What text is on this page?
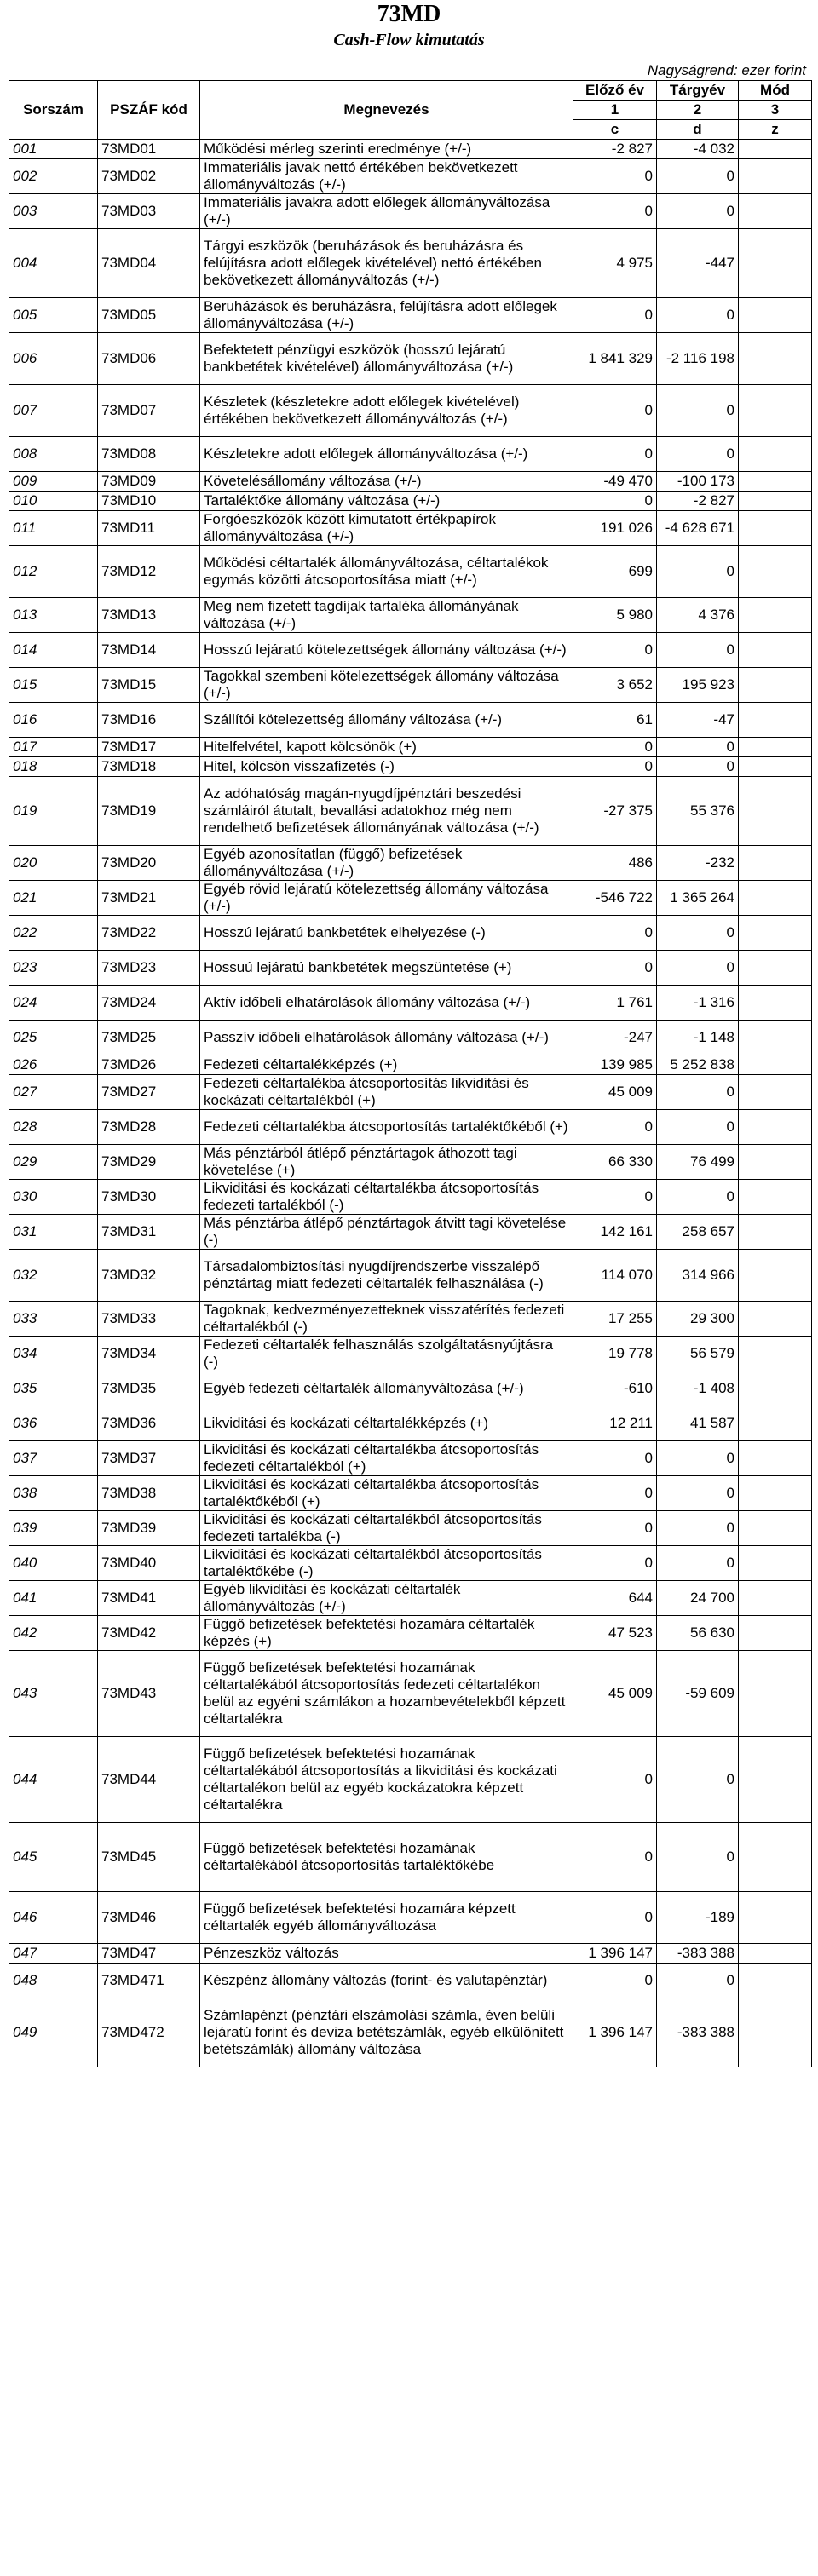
73MD
Cash-Flow kimutatás
Nagyságrend: ezer forint
Sorszám	PSZÁF kód	Megnevezés	Előző év	Tárgyév	Mód
			1	2	3
			c	d	z
001	73MD01	Működési mérleg szerinti eredménye (+/-)	-2 827	-4 032	
002	73MD02	Immateriális javak nettó értékében bekövetkezett állományváltozás (+/-)	0	0	
003	73MD03	Immateriális javakra adott előlegek állományváltozása (+/-)	0	0	
004	73MD04	Tárgyi eszközök (beruházások és beruházásra és felújításra adott előlegek kivételével) nettó értékében bekövetkezett állományváltozás (+/-)	4 975	-447	
005	73MD05	Beruházások és beruházásra, felújításra adott előlegek állományváltozása (+/-)	0	0	
006	73MD06	Befektetett pénzügyi eszközök (hosszú lejáratú bankbetétek kivételével) állományváltozása (+/-)	1 841 329	-2 116 198	
007	73MD07	Készletek (készletekre adott előlegek kivételével) értékében bekövetkezett állományváltozás (+/-)	0	0	
008	73MD08	Készletekre adott előlegek állományváltozása (+/-)	0	0	
009	73MD09	Követelésállomány változása (+/-)	-49 470	-100 173	
010	73MD10	Tartaléktőke állomány változása (+/-)	0	-2 827	
011	73MD11	Forgóeszközök között kimutatott értékpapírok állományváltozása (+/-)	191 026	-4 628 671	
012	73MD12	Működési céltartalék állományváltozása, céltartalékok egymás közötti átcsoportosítása miatt (+/-)	699	0	
013	73MD13	Meg nem fizetett tagdíjak tartaléka állományának változása (+/-)	5 980	4 376	
014	73MD14	Hosszú lejáratú kötelezettségek állomány változása (+/-)	0	0	
015	73MD15	Tagokkal szembeni kötelezettségek állomány változása (+/-)	3 652	195 923	
016	73MD16	Szállítói kötelezettség állomány változása (+/-)	61	-47	
017	73MD17	Hitelfelvétel, kapott kölcsönök (+)	0	0	
018	73MD18	Hitel, kölcsön visszafizetés (-)	0	0	
019	73MD19	Az adóhatóság magán-nyugdíjpénztári beszedési számláiról átutalt, bevallási adatokhoz még nem rendelhető befizetések állományának változása (+/-)	-27 375	55 376	
020	73MD20	Egyéb azonosítatlan (függő) befizetések állományváltozása (+/-)	486	-232	
021	73MD21	Egyéb rövid lejáratú kötelezettség állomány változása (+/-)	-546 722	1 365 264	
022	73MD22	Hosszú lejáratú bankbetétek elhelyezése (-)	0	0	
023	73MD23	Hossuú lejáratú bankbetétek megszüntetése (+)	0	0	
024	73MD24	Aktív időbeli elhatárolások állomány változása (+/-)	1 761	-1 316	
025	73MD25	Passzív időbeli elhatárolások állomány változása (+/-)	-247	-1 148	
026	73MD26	Fedezeti céltartalékképzés (+)	139 985	5 252 838	
027	73MD27	Fedezeti céltartalékba átcsoportosítás likviditási és kockázati céltartalékból (+)	45 009	0	
028	73MD28	Fedezeti céltartalékba átcsoportosítás tartaléktőkéből (+)	0	0	
029	73MD29	Más pénztárból átlépő pénztártagok áthozott tagi követelése (+)	66 330	76 499	
030	73MD30	Likviditási és kockázati céltartalékba átcsoportosítás fedezeti tartalékból (-)	0	0	
031	73MD31	Más pénztárba átlépő pénztártagok átvitt tagi követelése (-)	142 161	258 657	
032	73MD32	Társadalombiztosítási nyugdíjrendszerbe visszalépő pénztártag miatt fedezeti céltartalék felhasználása (-)	114 070	314 966	
033	73MD33	Tagoknak, kedvezményezetteknek visszatérítés fedezeti céltartalékból (-)	17 255	29 300	
034	73MD34	Fedezeti céltartalék felhasználás szolgáltatásnyújtásra (-)	19 778	56 579	
035	73MD35	Egyéb fedezeti céltartalék állományváltozása (+/-)	-610	-1 408	
036	73MD36	Likviditási és kockázati céltartalékképzés (+)	12 211	41 587	
037	73MD37	Likviditási és kockázati céltartalékba átcsoportosítás fedezeti céltartalékból (+)	0	0	
038	73MD38	Likviditási és kockázati céltartalékba átcsoportosítás tartaléktőkéből (+)	0	0	
039	73MD39	Likviditási és kockázati céltartalékból átcsoportosítás fedezeti tartalékba (-)	0	0	
040	73MD40	Likviditási és kockázati céltartalékból átcsoportosítás tartaléktőkébe (-)	0	0	
041	73MD41	Egyéb likviditási és kockázati céltartalék állományváltozás (+/-)	644	24 700	
042	73MD42	Függő befizetések befektetési hozamára céltartalék képzés (+)	47 523	56 630	
043	73MD43	Függő befizetések befektetési hozamának céltartalékából átcsoportosítás fedezeti céltartalékon belül az egyéni számlákon a hozambevételekből képzett céltartalékra	45 009	-59 609	
044	73MD44	Függő befizetések befektetési hozamának céltartalékából átcsoportosítás a likviditási és kockázati céltartalékon belül az egyéb kockázatokra képzett céltartalékra	0	0	
045	73MD45	Függő befizetések befektetési hozamának céltartalékából átcsoportosítás tartaléktőkébe	0	0	
046	73MD46	Függő befizetések befektetési hozamára képzett céltartalék egyéb állományváltozása	0	-189	
047	73MD47	Pénzeszköz változás	1 396 147	-383 388	
048	73MD471	Készpénz állomány változás (forint- és valutapénztár)	0	0	
049	73MD472	Számlapénzt (pénztári elszámolási számla, éven belüli lejáratú forint és deviza betétszámlák, egyéb elkülönített betétszámlák) állomány változása	1 396 147	-383 388	
